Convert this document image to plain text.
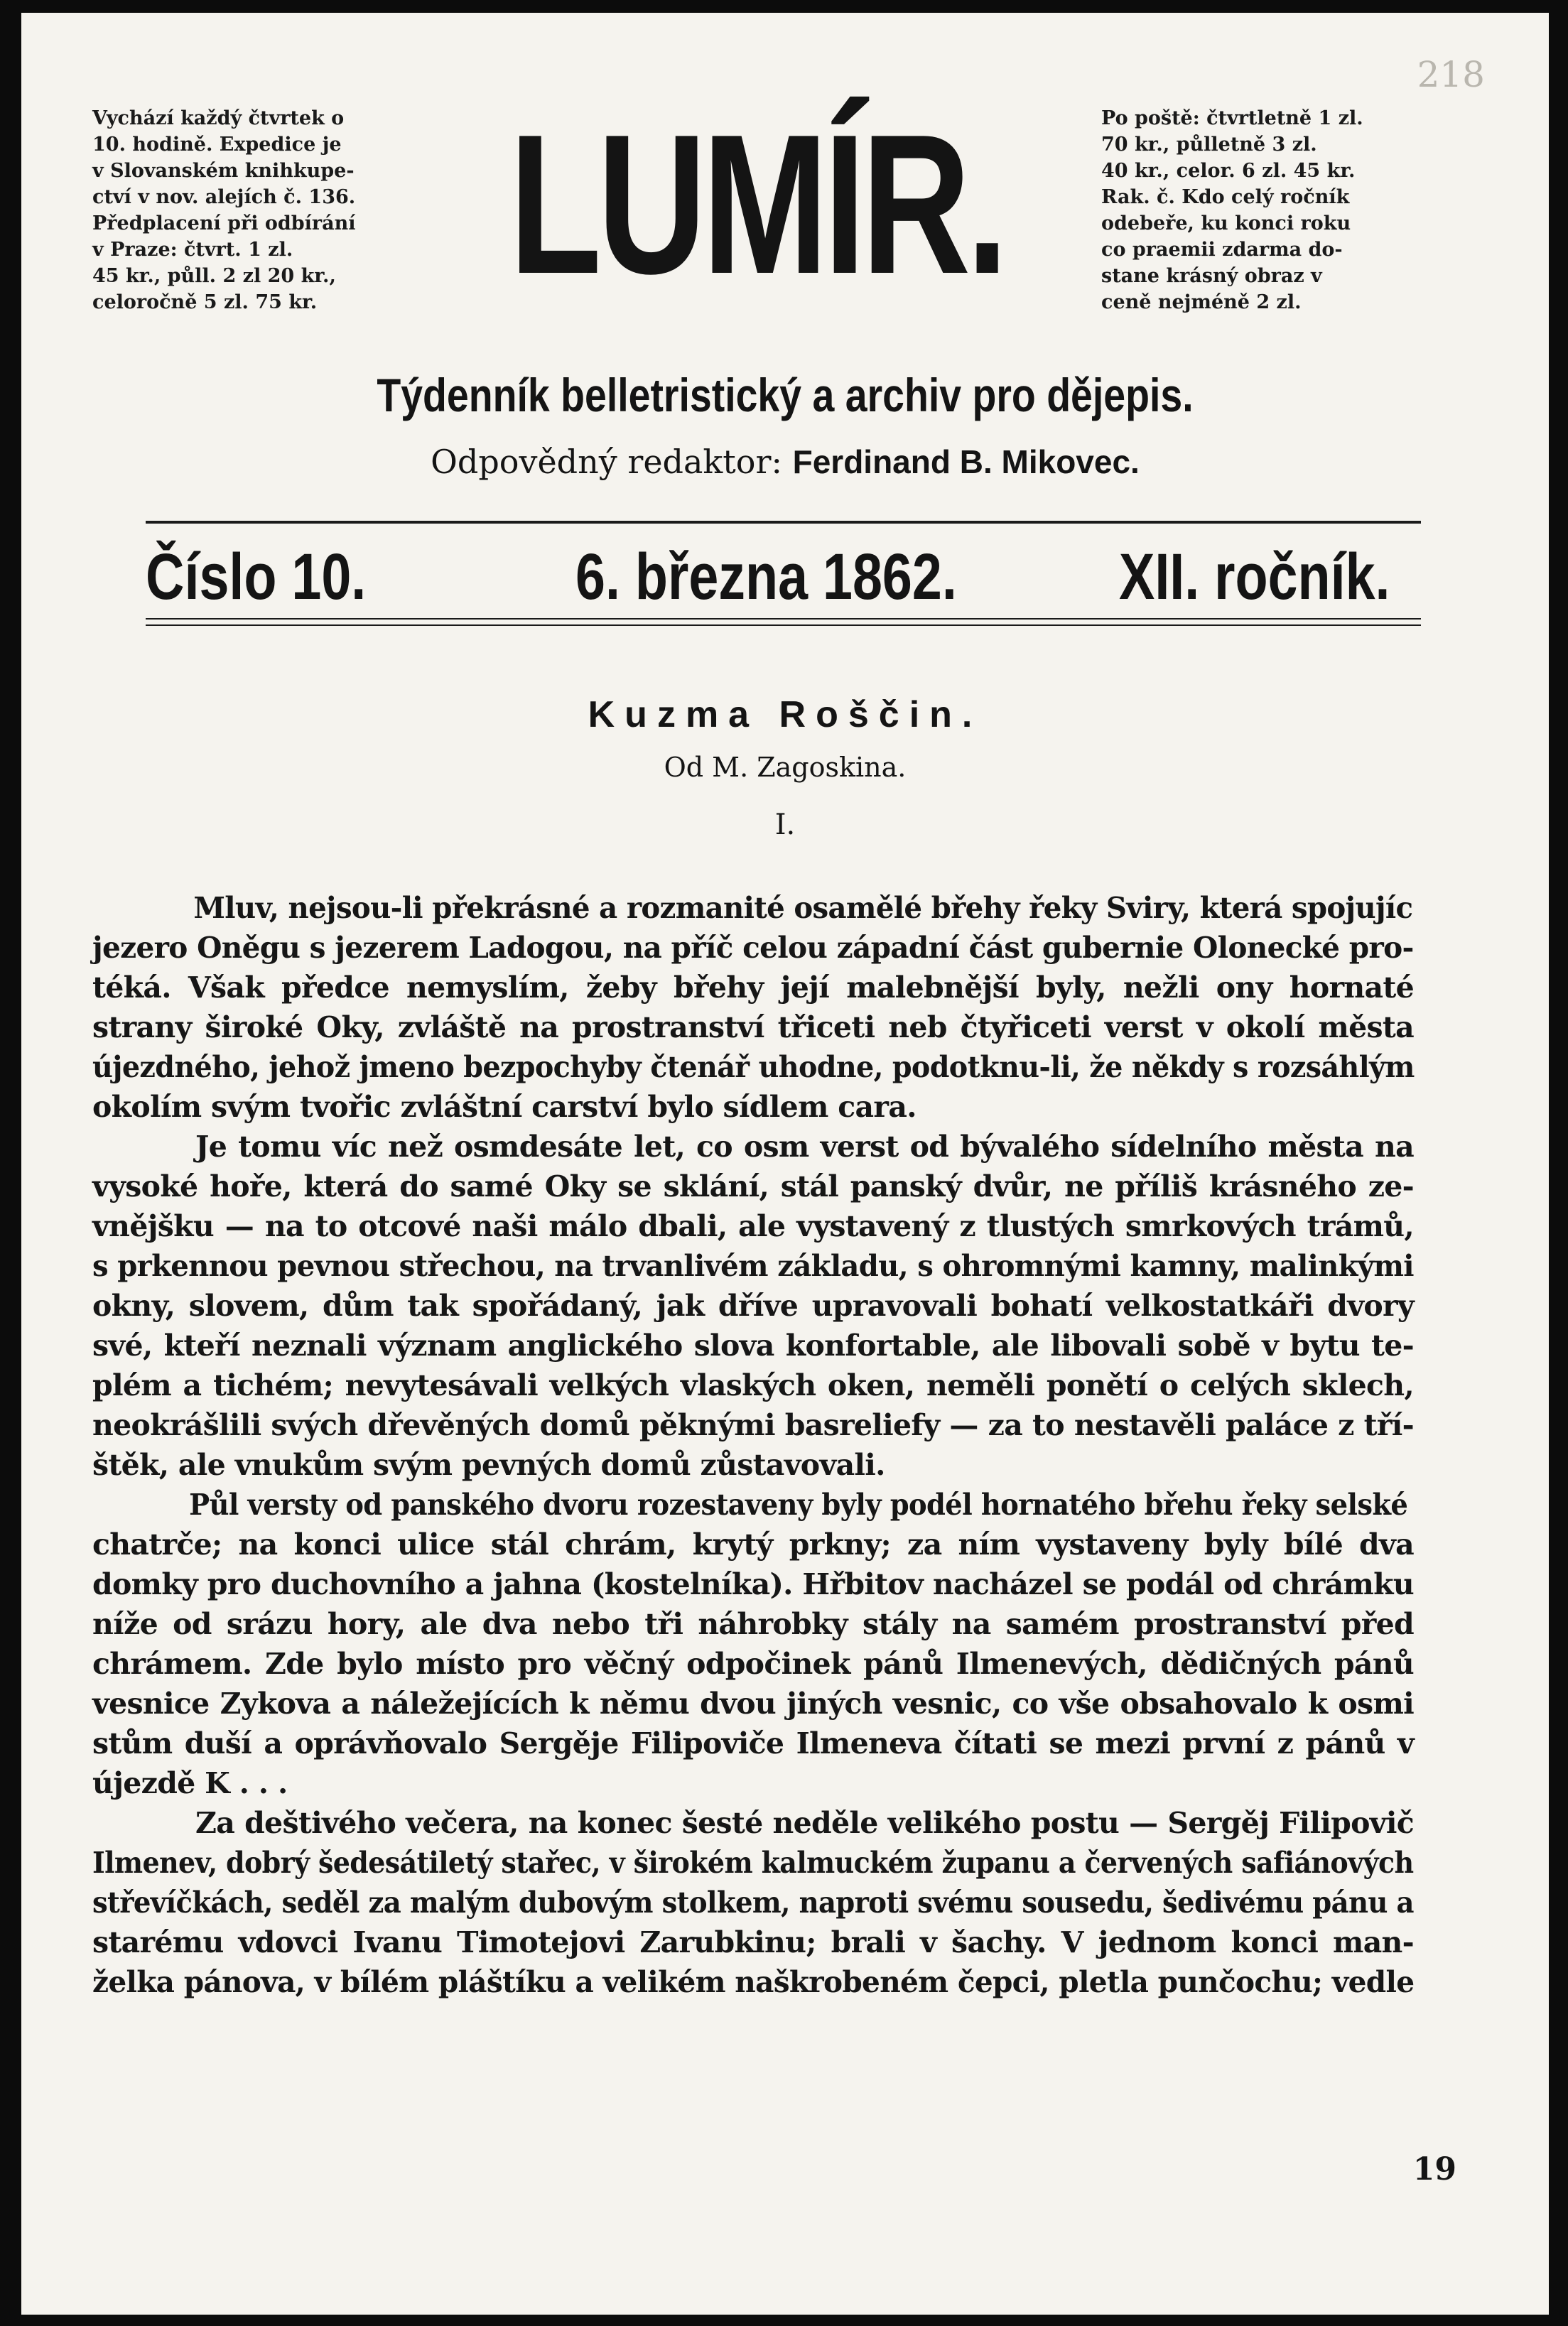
218
Vychází každý čtvrtek o
10. hodině. Expedice je
v Slovanském knihkupe-
ctví v nov. alejích č. 136.
Předplacení při odbírání
v Praze: čtvrt. 1 zl.
45 kr., půll. 2 zl 20 kr.,
celoročně 5 zl. 75 kr. LUMÍR.	Po poště: čtvrtletně 1 zl.
70 kr., půlletně 3 zl.
40 kr., celor. 6 zl. 45 kr.
Rak. č. Kdo celý ročník
odebeře, ku konci roku
co praemii zdarma do-
stane krásný obraz v
ceně nejméně 2 zl.
Týdenník belletristický a archiv pro dějepis.
Odpovědný redaktor: Ferdinand B. Mikovec.
Číslo 10.	6. března 1862. XII. ročník.
Kuzma Roščin.
Od M. Zagoskina.
I.

Mluv, nejsou-li překrásné a rozmanité osamělé břehy řeky Sviry, která spojujíc
jezero Oněgu s jezerem Ladogou, na příč celou západní část gubernie Olonecké pro-
téká. Však předce nemyslím, žeby břehy její malebnější byly, nežli ony hornaté
strany široké Oky, zvláště na prostranství třiceti neb čtyřiceti verst v okolí města
újezdného, jehož jmeno bezpochyby čtenář uhodne, podotknu-li, že někdy s rozsáhlým
okolím svým tvořic zvláštní carství bylo sídlem cara.

Je tomu víc než osmdesáte let, co osm verst od bývalého sídelního města na
vysoké hoře, která do samé Oky se sklání, stál panský dvůr, ne příliš krásného ze-
vnějšku — na to otcové naši málo dbali, ale vystavený z tlustých smrkových trámů,
s prkennou pevnou střechou, na trvanlivém základu, s ohromnými kamny, malinkými
okny, slovem, dům tak spořádaný, jak dříve upravovali bohatí velkostatkáři dvory
své, kteří neznali význam anglického slova konfortable, ale libovali sobě v bytu te-
plém a tichém; nevytesávali velkých vlaských oken, neměli ponětí o celých sklech,
neokrášlili svých dřevěných domů pěknými basreliefy — za to nestavěli paláce z tří-
štěk, ale vnukům svým pevných domů zůstavovali.

Půl versty od panského dvoru rozestaveny byly podél hornatého břehu řeky selské
chatrče; na konci ulice stál chrám, krytý prkny; za ním vystaveny byly bílé dva
domky pro duchovního a jahna (kostelníka). Hřbitov nacházel se podál od chrámku
níže od srázu hory, ale dva nebo tři náhrobky stály na samém prostranství před
chrámem. Zde bylo místo pro věčný odpočinek pánů Ilmenevých, dědičných pánů
vesnice Zykova a náležejících k němu dvou jiných vesnic, co vše obsahovalo k osmi
stům duší a oprávňovalo Sergěje Filipoviče Ilmeneva čítati se mezi první z pánů v
újezdě K . . .

Za deštivého večera, na konec šesté neděle velikého postu — Sergěj Filipovič
Ilmenev, dobrý šedesátiletý stařec, v širokém kalmuckém županu a červených safiánových
střevíčkách, seděl za malým dubovým stolkem, naproti svému sousedu, šedivému pánu a
starému vdovci Ivanu Timotejovi Zarubkinu; brali v šachy. V jednom konci man-
želka pánova, v bílém pláštíku a velikém naškrobeném čepci, pletla punčochu; vedle

19
